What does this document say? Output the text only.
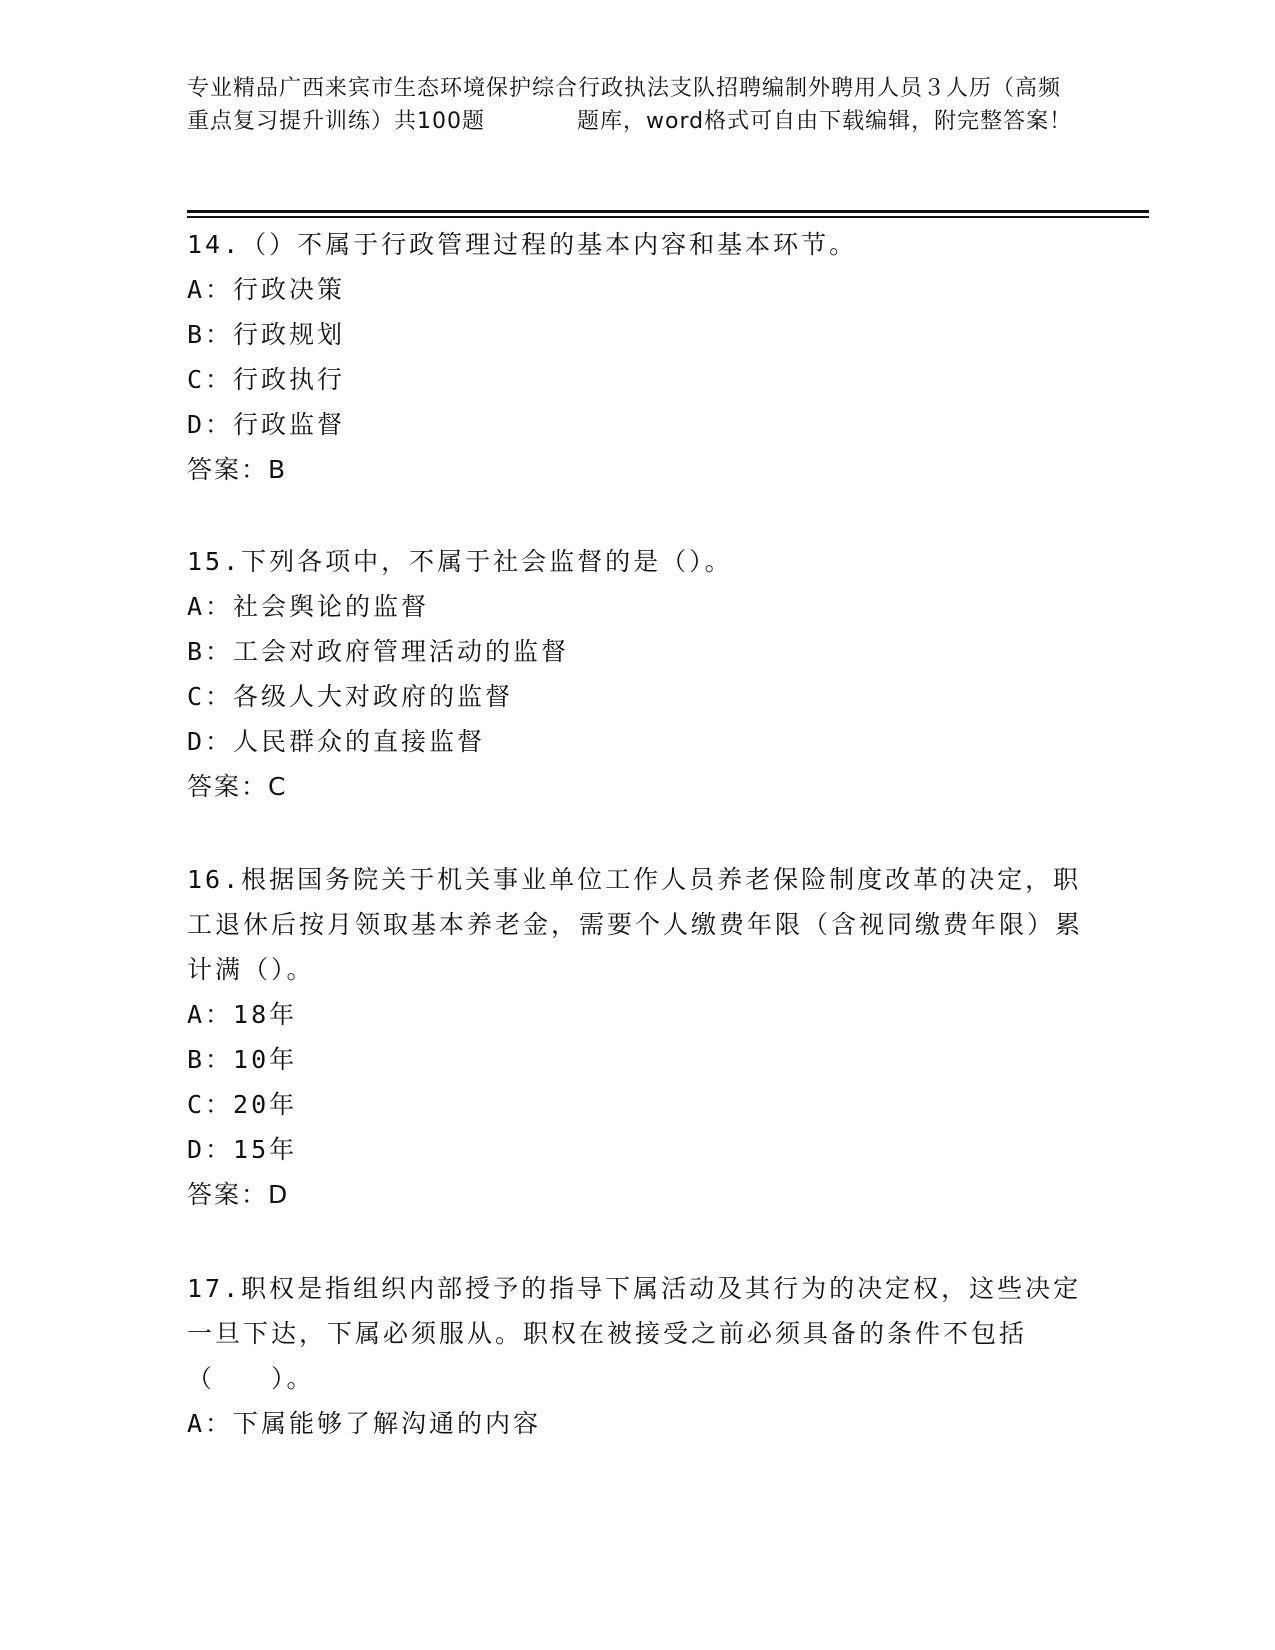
专业精品广西来宾市生态环境保护综合行政执法支队招聘编制外聘用人员３人历（高频重点复习提升训练）共100题　　　　题库，word格式可自由下载编辑，附完整答案！
14.（）不属于行政管理过程的基本内容和基本环节。
A：行政决策
B：行政规划
C：行政执行
D：行政监督
答案：B
15.下列各项中，不属于社会监督的是（）。
A：社会舆论的监督
B：工会对政府管理活动的监督
C：各级人大对政府的监督
D：人民群众的直接监督
答案：C
16.根据国务院关于机关事业单位工作人员养老保险制度改革的决定，职工退休后按月领取基本养老金，需要个人缴费年限（含视同缴费年限）累计满（）。
A：18年
B：10年
C：20年
D：15年
答案：D
17.职权是指组织内部授予的指导下属活动及其行为的决定权，这些决定一旦下达，下属必须服从。职权在被接受之前必须具备的条件不包括（　　）。
A：下属能够了解沟通的内容
